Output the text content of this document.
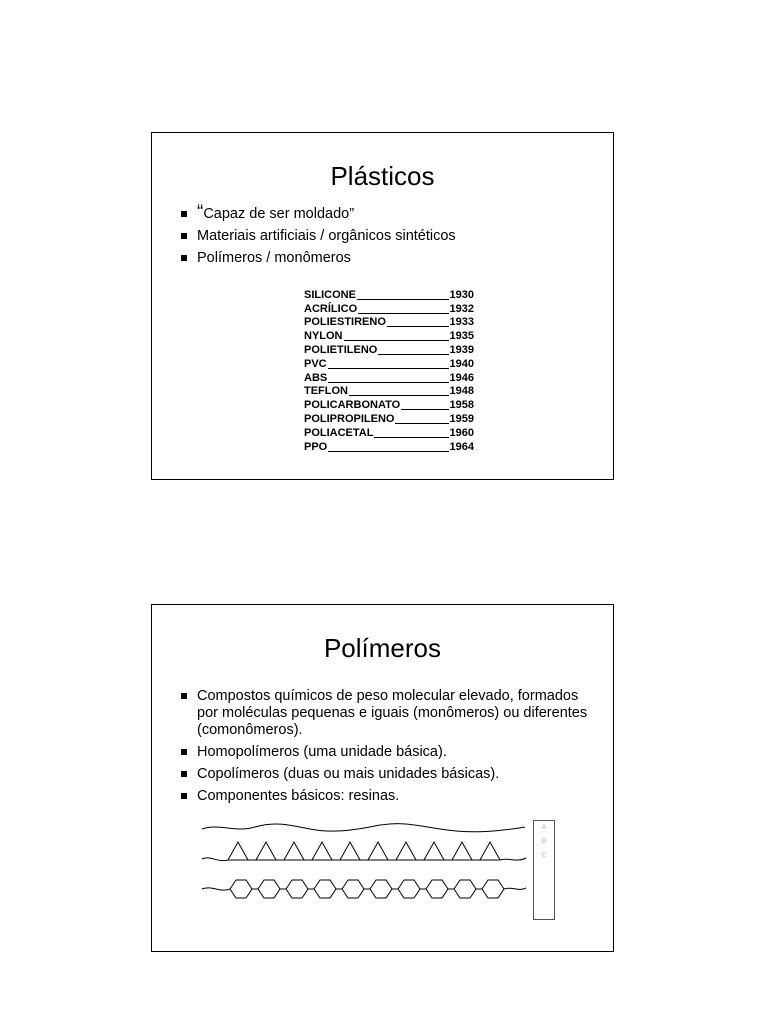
Plásticos
“Capaz de ser moldado”
Materiais artificiais / orgânicos sintéticos
Polímeros / monômeros
SILICONE	1930
ACRÍLICO	1932
POLIESTIRENO	1933
NYLON	1935
POLIETILENO	1939
PVC	1940
ABS	1946
TEFLON	1948
POLICARBONATO	1958
POLIPROPILENO	1959
POLIACETAL	1960
PPO	1964
Polímeros
Compostos químicos de peso molecular elevado, formados por moléculas pequenas e iguais (monômeros) ou diferentes (comonômeros).
Homopolímeros (uma unidade básica).
Copolímeros (duas ou mais unidades básicas).
Componentes básicos: resinas.
A
B
C
